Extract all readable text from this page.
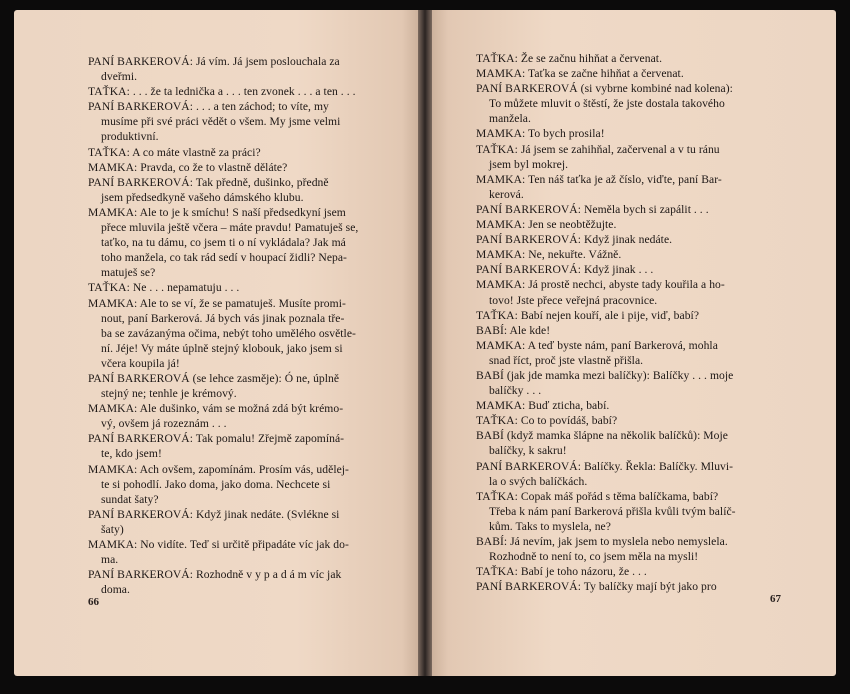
PANÍ BARKEROVÁ: Já vím. Já jsem poslouchala za
dveřmi.

TAŤKA: . . . že ta lednička a . . . ten zvonek . . . a ten . . .

PANÍ BARKEROVÁ: . . . a ten záchod; to víte, my
musíme při své práci vědět o všem. My jsme velmi
produktivní.

TAŤKA: A co máte vlastně za práci?

MAMKA: Pravda, co že to vlastně děláte?

PANÍ BARKEROVÁ: Tak předně, dušinko, předně
jsem předsedkyně vašeho dámského klubu.

MAMKA: Ale to je k smíchu! S naší předsedkyní jsem
přece mluvila ještě včera – máte pravdu! Pamatuješ se,
taťko, na tu dámu, co jsem ti o ní vykládala? Jak má
toho manžela, co tak rád sedí v houpací židli? Nepa-
matuješ se?

TAŤKA: Ne . . . nepamatuju . . .

MAMKA: Ale to se ví, že se pamatuješ. Musíte promi-
nout, paní Barkerová. Já bych vás jinak poznala tře-
ba se zavázanýma očima, nebýt toho umělého osvětle-
ní. Jéje! Vy máte úplně stejný klobouk, jako jsem si
včera koupila já!

PANÍ BARKEROVÁ (se lehce zasměje): Ó ne, úplně
stejný ne; tenhle je krémový.

MAMKA: Ale dušinko, vám se možná zdá být krémo-
vý, ovšem já rozeznám . . .

PANÍ BARKEROVÁ: Tak pomalu! Zřejmě zapomíná-
te, kdo jsem!

MAMKA: Ach ovšem, zapomínám. Prosím vás, udělej-
te si pohodlí. Jako doma, jako doma. Nechcete si
sundat šaty?

PANÍ BARKEROVÁ: Když jinak nedáte. (Svlékne si
šaty)

MAMKA: No vidíte. Teď si určitě připadáte víc jak do-
ma.

PANÍ BARKEROVÁ: Rozhodně v y p a d á m víc jak
doma.

66

TAŤKA: Že se začnu hihňat a červenat.

MAMKA: Taťka se začne hihňat a červenat.

PANÍ BARKEROVÁ (si vybrne kombiné nad kolena):
To můžete mluvit o štěstí, že jste dostala takového
manžela.

MAMKA: To bych prosila!

TAŤKA: Já jsem se zahihňal, začervenal a v tu ránu
jsem byl mokrej.

MAMKA: Ten náš taťka je až číslo, viďte, paní Bar-
kerová.

PANÍ BARKEROVÁ: Neměla bych si zapálit . . .

MAMKA: Jen se neobtěžujte.

PANÍ BARKEROVÁ: Když jinak nedáte.

MAMKA: Ne, nekuřte. Vážně.

PANÍ BARKEROVÁ: Když jinak . . .

MAMKA: Já prostě nechci, abyste tady kouřila a ho-
tovo! Jste přece veřejná pracovnice.

TAŤKA: Babí nejen kouří, ale i pije, viď, babí?

BABÍ: Ale kde!

MAMKA: A teď byste nám, paní Barkerová, mohla
snad říct, proč jste vlastně přišla.

BABÍ (jak jde mamka mezi balíčky): Balíčky . . . moje
balíčky . . .

MAMKA: Buď zticha, babí.

TAŤKA: Co to povídáš, babí?

BABÍ (když mamka šlápne na několik balíčků): Moje
balíčky, k sakru!

PANÍ BARKEROVÁ: Balíčky. Řekla: Balíčky. Mluvi-
la o svých balíčkách.

TAŤKA: Copak máš pořád s těma balíčkama, babí?
Třeba k nám paní Barkerová přišla kvůli tvým balíč-
kům. Taks to myslela, ne?

BABÍ: Já nevím, jak jsem to myslela nebo nemyslela.
Rozhodně to není to, co jsem měla na mysli!

TAŤKA: Babí je toho názoru, že . . .

PANÍ BARKEROVÁ: Ty balíčky mají být jako pro

67
